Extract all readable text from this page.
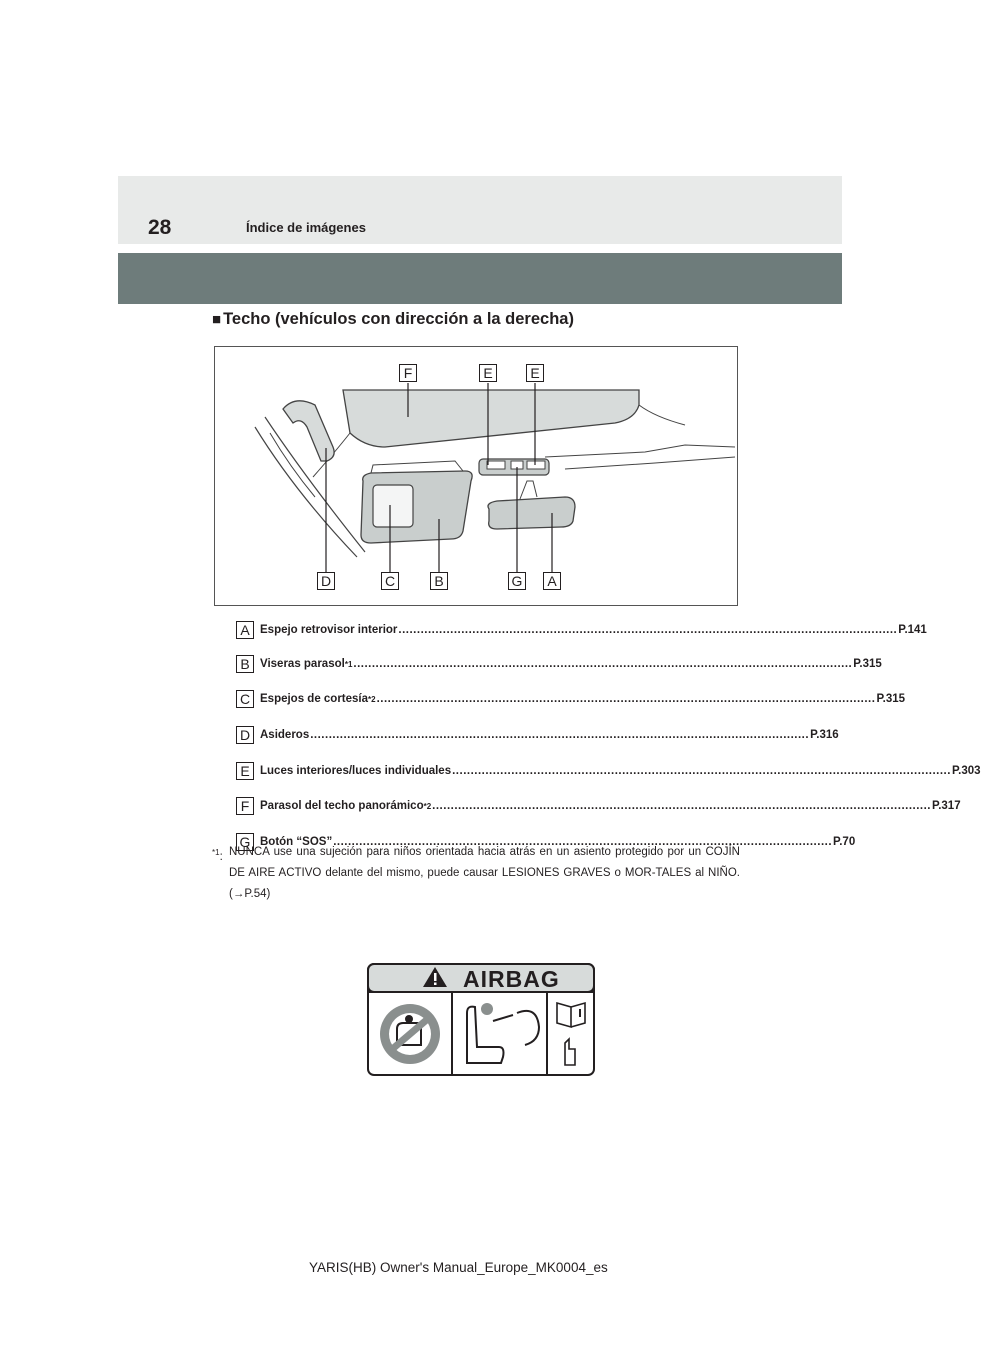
28	Índice de imágenes
■ Techo (vehículos con dirección a la derecha)
F	E	E
D	C	B	G	A
A Espejo retrovisor interior ....................................................................................................................................... P.141
B Viseras parasol *1 ....................................................................................................................................... P.315
C Espejos de cortesía *2 ....................................................................................................................................... P.315
D Asideros ....................................................................................................................................... P.316
E Luces interiores/luces individuales ....................................................................................................................................... P.303
F Parasol del techo panorámico *2 ....................................................................................................................................... P.317
G Botón “SOS” ....................................................................................................................................... P.70
$^{*1}$: NUNCA use una sujeción para niños orientada hacia atrás en un asiento protegido por un COJÍN DE AIRE ACTIVO delante del mismo, puede causar LESIONES GRAVES o MOR-TALES al NIÑO. (→P.54)
AIRBAG
YARIS(HB) Owner's Manual_Europe_MK0004_es
